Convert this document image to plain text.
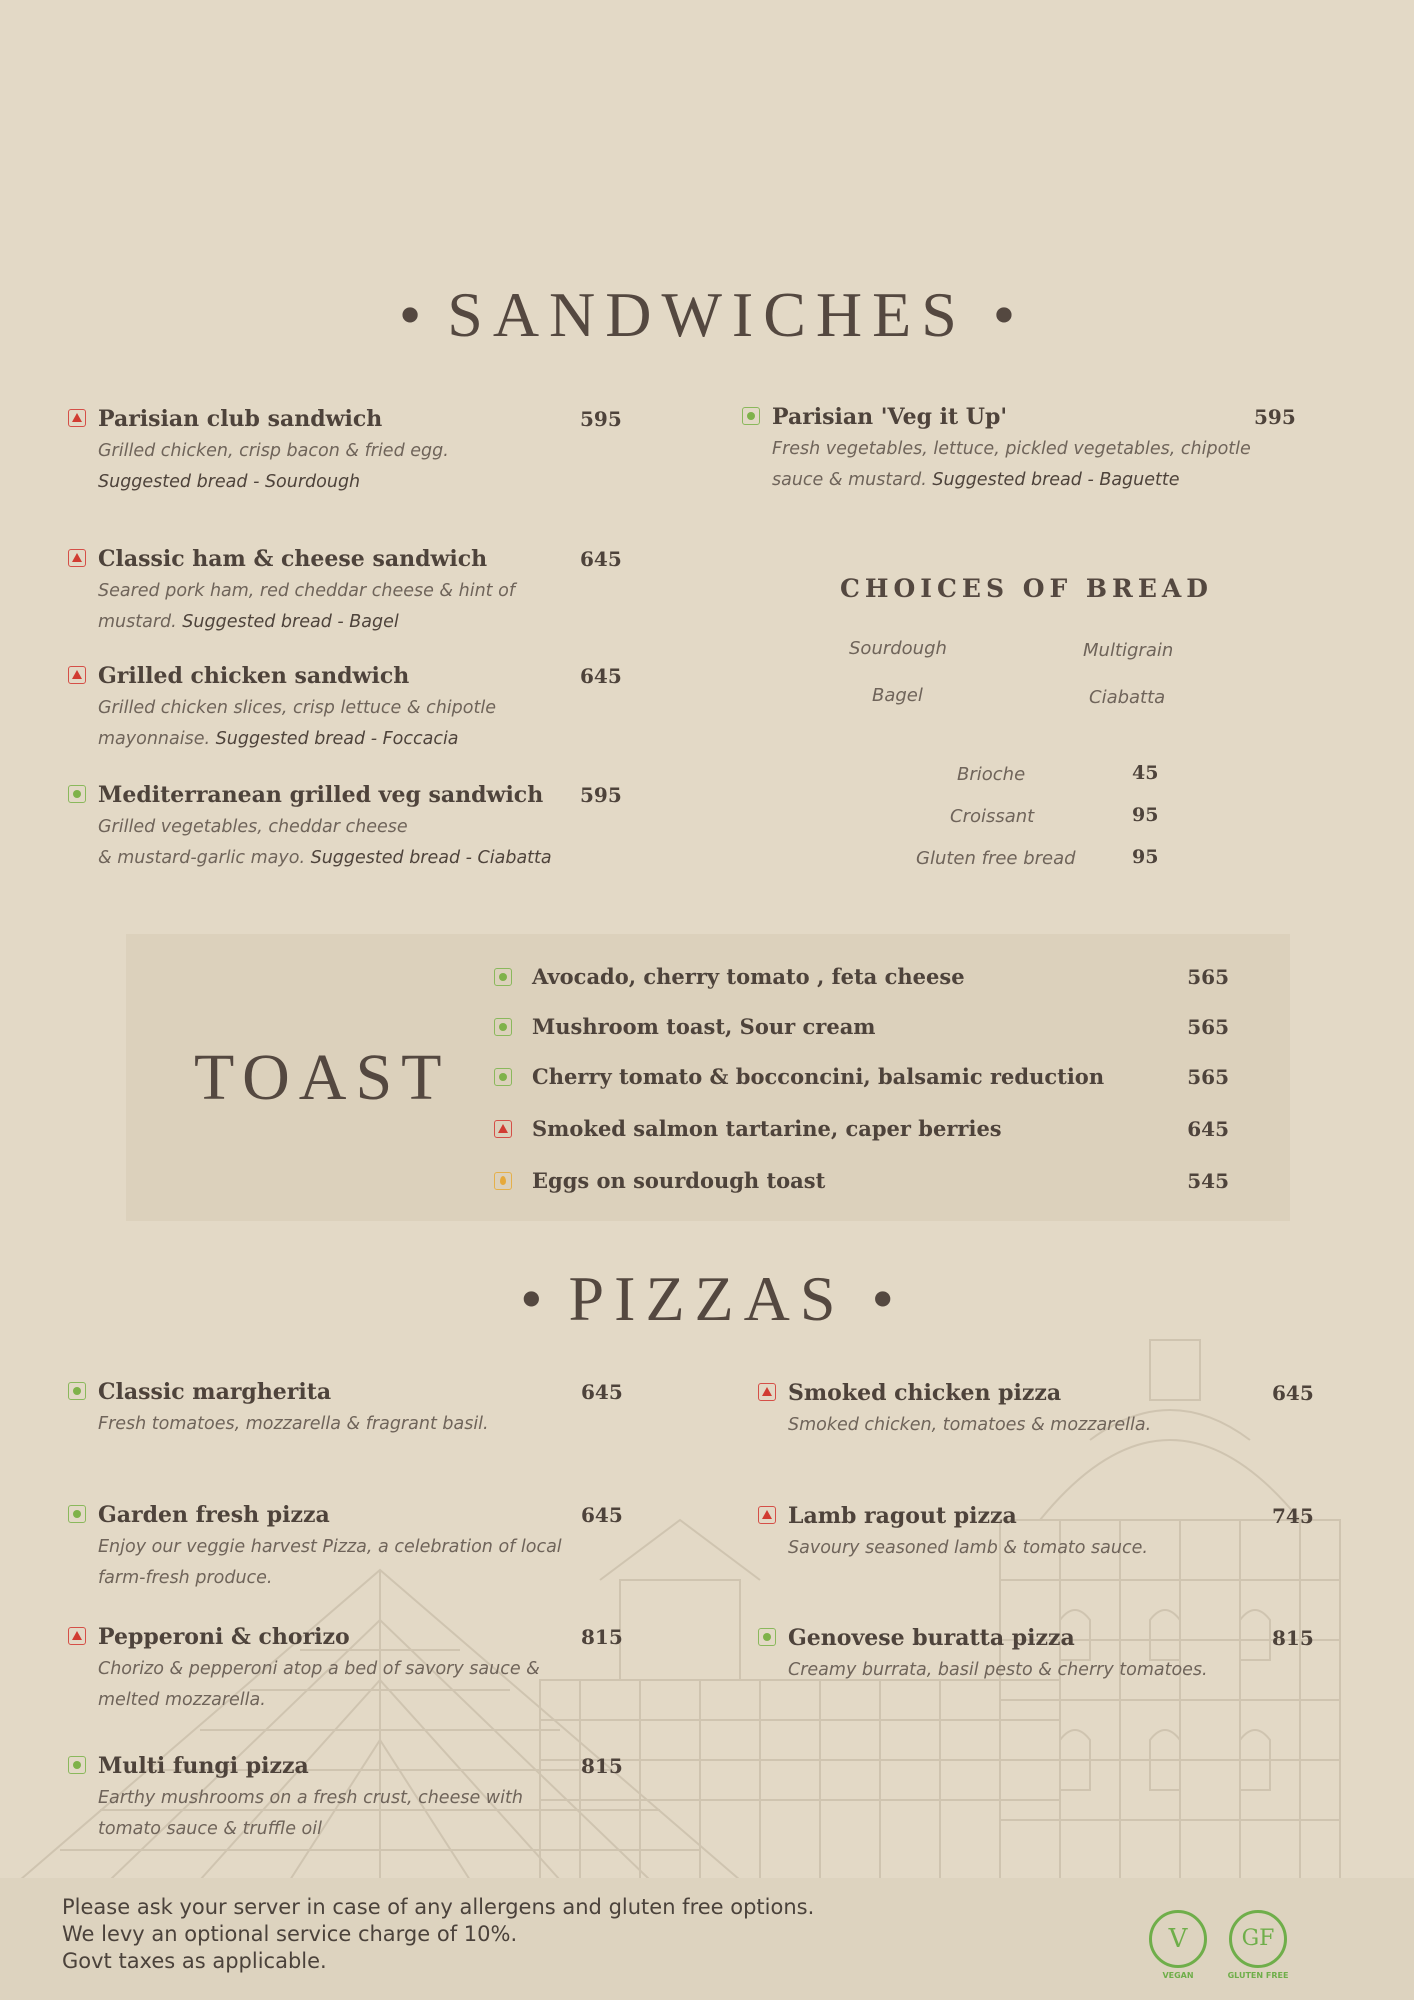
• SANDWICHES •
Parisian club sandwich	595
Grilled chicken, crisp bacon & fried egg.
Suggested bread - Sourdough
Classic ham & cheese sandwich	645
Seared pork ham, red cheddar cheese & hint of
mustard. Suggested bread - Bagel
Grilled chicken sandwich	645
Grilled chicken slices, crisp lettuce & chipotle
mayonnaise. Suggested bread - Foccacia
Mediterranean grilled veg sandwich	595
Grilled vegetables, cheddar cheese
& mustard-garlic mayo. Suggested bread - Ciabatta
Parisian 'Veg it Up'	595
Fresh vegetables, lettuce, pickled vegetables, chipotle
sauce & mustard. Suggested bread - Baguette
CHOICES OF BREAD
Sourdough	Multigrain
Bagel	Ciabatta
Brioche	45
Croissant	95
Gluten free bread	95
TOAST
Avocado, cherry tomato , feta cheese	565
Mushroom toast, Sour cream	565
Cherry tomato & bocconcini, balsamic reduction	565
Smoked salmon tartarine, caper berries	645
Eggs on sourdough toast	545
• PIZZAS •
Classic margherita	645
Fresh tomatoes, mozzarella & fragrant basil.
Garden fresh pizza	645
Enjoy our veggie harvest Pizza, a celebration of local
farm-fresh produce.
Pepperoni & chorizo	815
Chorizo & pepperoni atop a bed of savory sauce &
melted mozzarella.
Multi fungi pizza	815
Earthy mushrooms on a fresh crust, cheese with
tomato sauce & truffle oil
Smoked chicken pizza	645
Smoked chicken, tomatoes & mozzarella.
Lamb ragout pizza	745
Savoury seasoned lamb & tomato sauce.
Genovese buratta pizza	815
Creamy burrata, basil pesto & cherry tomatoes.
Please ask your server in case of any allergens and gluten free options.
We levy an optional service charge of 10%.
Govt taxes as applicable.
V
VEGAN
GF
GLUTEN FREE
